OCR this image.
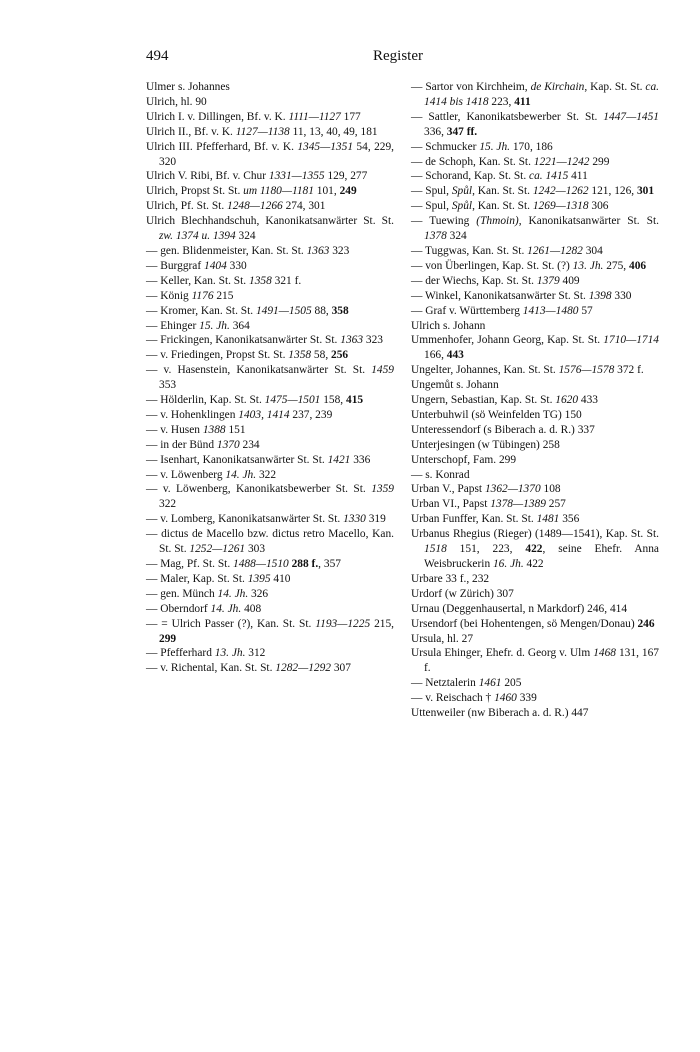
494	Register
Ulmer s. Johannes
Ulrich, hl. 90
Ulrich I. v. Dillingen, Bf. v. K. 1111—1127 177
Ulrich II., Bf. v. K. 1127—1138 11, 13, 40, 49, 181
Ulrich III. Pfefferhard, Bf. v. K. 1345—1351 54, 229, 320
Ulrich V. Ribi, Bf. v. Chur 1331—1355 129, 277
Ulrich, Propst St. St. um 1180—1181 101, 249
Ulrich, Pf. St. St. 1248—1266 274, 301
Ulrich Blechhandschuh, Kanonikatsanwärter St. St. zw. 1374 u. 1394 324
— gen. Blidenmeister, Kan. St. St. 1363 323
— Burggraf 1404 330
— Keller, Kan. St. St. 1358 321 f.
— König 1176 215
— Kromer, Kan. St. St. 1491—1505 88, 358
— Ehinger 15. Jh. 364
— Frickingen, Kanonikatsanwärter St. St. 1363 323
— v. Friedingen, Propst St. St. 1358 58, 256
— v. Hasenstein, Kanonikatsanwärter St. St. 1459 353
— Hölderlin, Kap. St. St. 1475—1501 158, 415
— v. Hohenklingen 1403, 1414 237, 239
— v. Husen 1388 151
— in der Bünd 1370 234
— Isenhart, Kanonikatsanwärter St. St. 1421 336
— v. Löwenberg 14. Jh. 322
— v. Löwenberg, Kanonikatsbewerber St. St. 1359 322
— v. Lomberg, Kanonikatsanwärter St. St. 1330 319
— dictus de Macello bzw. dictus retro Macello, Kan. St. St. 1252—1261 303
— Mag, Pf. St. St. 1488—1510 288 f., 357
— Maler, Kap. St. St. 1395 410
— gen. Münch 14. Jh. 326
— Oberndorf 14. Jh. 408
— = Ulrich Passer (?), Kan. St. St. 1193—1225 215, 299
— Pfefferhard 13. Jh. 312
— v. Richental, Kan. St. St. 1282—1292 307
— Sartor von Kirchheim, de Kirchain, Kap. St. St. ca. 1414 bis 1418 223, 411
— Sattler, Kanonikatsbewerber St. St. 1447—1451 336, 347 ff.
— Schmucker 15. Jh. 170, 186
— de Schoph, Kan. St. St. 1221—1242 299
— Schorand, Kap. St. St. ca. 1415 411
— Spul, Spůl, Kan. St. St. 1242—1262 121, 126, 301
— Spul, Spůl, Kan. St. St. 1269—1318 306
— Tuewing (Thmoin), Kanonikatsanwärter St. St. 1378 324
— Tuggwas, Kan. St. St. 1261—1282 304
— von Überlingen, Kap. St. St. (?) 13. Jh. 275, 406
— der Wiechs, Kap. St. St. 1379 409
— Winkel, Kanonikatsanwärter St. St. 1398 330
— Graf v. Württemberg 1413—1480 57
Ulrich s. Johann
Ummenhofer, Johann Georg, Kap. St. St. 1710—1714 166, 443
Ungelter, Johannes, Kan. St. St. 1576—1578 372 f.
Ungemůt s. Johann
Ungern, Sebastian, Kap. St. St. 1620 433
Unterbuhwil (sö Weinfelden TG) 150
Unteressendorf (s Biberach a. d. R.) 337
Unterjesingen (w Tübingen) 258
Unterschopf, Fam. 299
— s. Konrad
Urban V., Papst 1362—1370 108
Urban VI., Papst 1378—1389 257
Urban Funffer, Kan. St. St. 1481 356
Urbanus Rhegius (Rieger) (1489—1541), Kap. St. St. 1518 151, 223, 422, seine Ehefr. Anna Weisbruckerin 16. Jh. 422
Urbare 33 f., 232
Urdorf (w Zürich) 307
Urnau (Deggenhausertal, n Markdorf) 246, 414
Ursendorf (bei Hohentengen, sö Mengen/Donau) 246
Ursula, hl. 27
Ursula Ehinger, Ehefr. d. Georg v. Ulm 1468 131, 167 f.
— Netztalerin 1461 205
— v. Reischach † 1460 339
Uttenweiler (nw Biberach a. d. R.) 447
